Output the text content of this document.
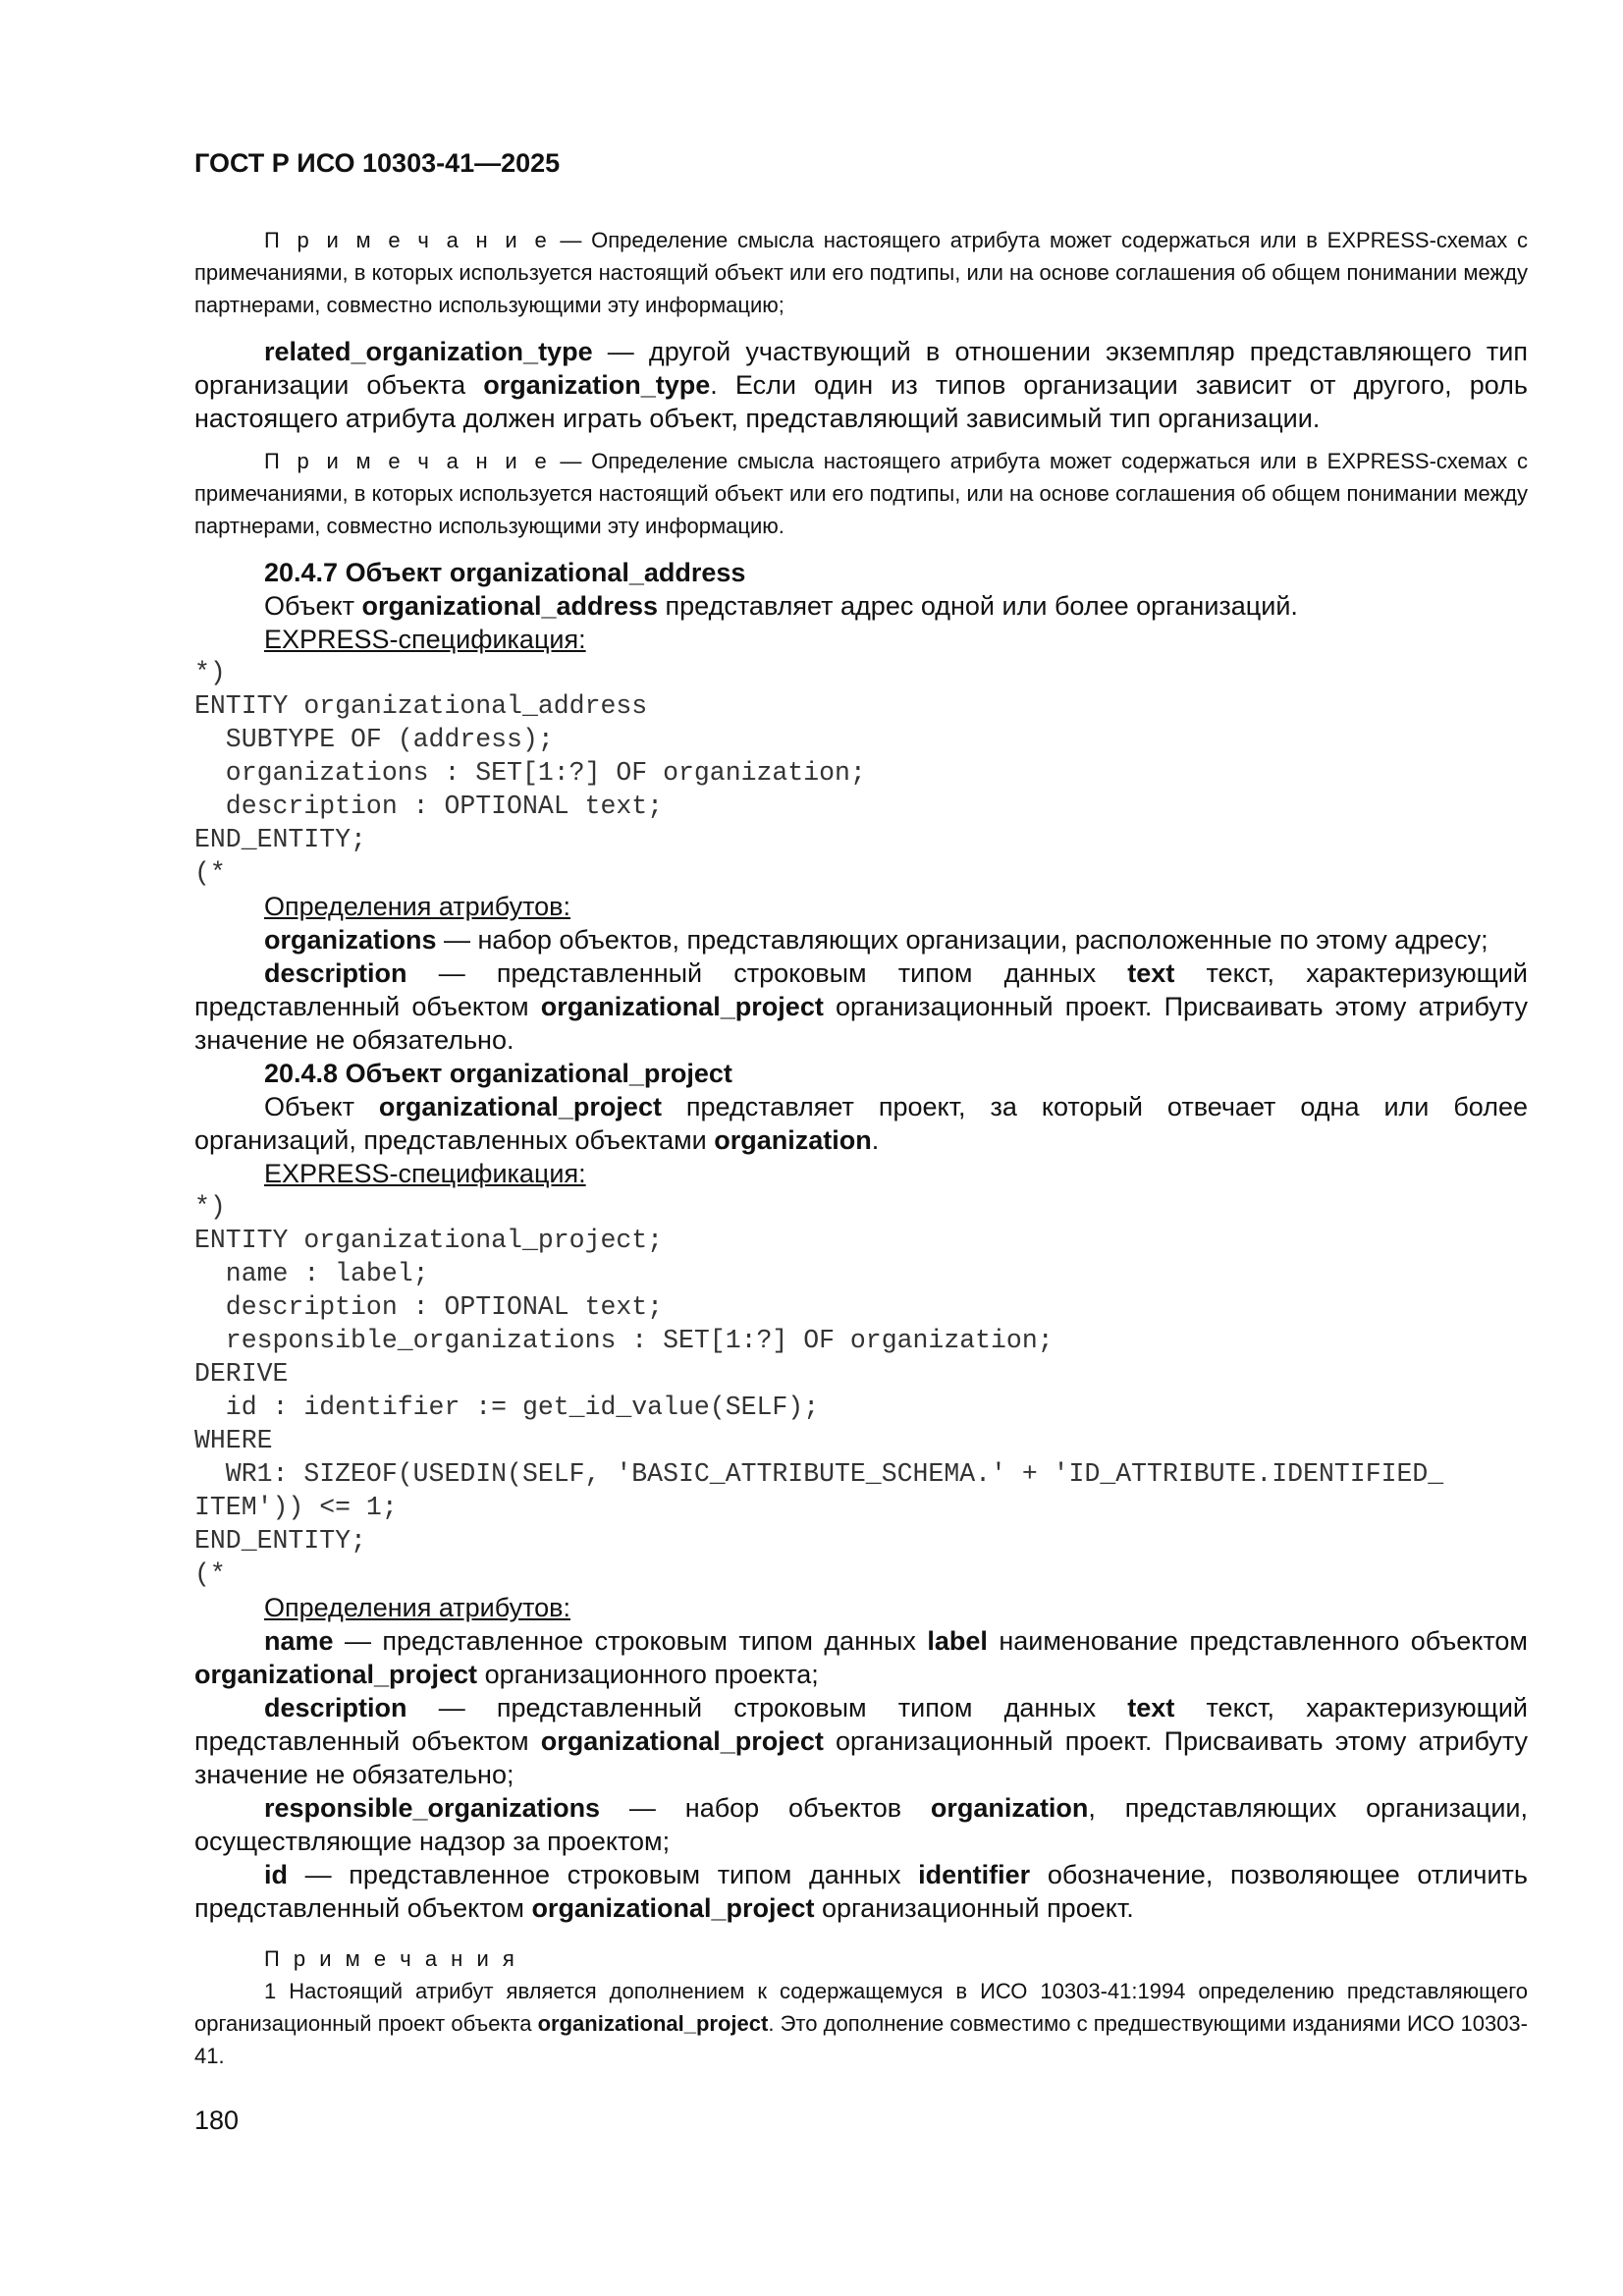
ГОСТ Р ИСО 10303-41—2025

П р и м е ч а н и е — Определение смысла настоящего атрибута может содержаться или в EXPRESS-схемах с примечаниями, в которых используется настоящий объект или его подтипы, или на основе соглашения об общем понимании между партнерами, совместно использующими эту информацию;

related_organization_type — другой участвующий в отношении экземпляр представляющего тип организации объекта organization_type. Если один из типов организации зависит от другого, роль настоящего атрибута должен играть объект, представляющий зависимый тип организации.

П р и м е ч а н и е — Определение смысла настоящего атрибута может содержаться или в EXPRESS-схемах с примечаниями, в которых используется настоящий объект или его подтипы, или на основе соглашения об общем понимании между партнерами, совместно использующими эту информацию.

20.4.7 Объект organizational_address

Объект organizational_address представляет адрес одной или более организаций.

EXPRESS-спецификация:
*)
ENTITY organizational_address
SUBTYPE OF (address);
organizations : SET[1:?] OF organization;
description : OPTIONAL text;
END_ENTITY;
(*
Определения атрибутов:

organizations — набор объектов, представляющих организации, расположенные по этому адресу;

description — представленный строковым типом данных text текст, характеризующий представленный объектом organizational_project организационный проект. Присваивать этому атрибуту значение не обязательно.

20.4.8 Объект organizational_project

Объект organizational_project представляет проект, за который отвечает одна или более организаций, представленных объектами organization.

EXPRESS-спецификация:
*)
ENTITY organizational_project;
name : label;
description : OPTIONAL text;
responsible_organizations : SET[1:?] OF organization;
DERIVE
id : identifier := get_id_value(SELF);
WHERE
WR1: SIZEOF(USEDIN(SELF, 'BASIC_ATTRIBUTE_SCHEMA.' + 'ID_ATTRIBUTE.IDENTIFIED_
ITEM')) <= 1;
END_ENTITY;
(*
Определения атрибутов:

name — представленное строковым типом данных label наименование представленного объектом organizational_project организационного проекта;

description — представленный строковым типом данных text текст, характеризующий представленный объектом organizational_project организационный проект. Присваивать этому атрибуту значение не обязательно;

responsible_organizations — набор объектов organization, представляющих организации, осуществляющие надзор за проектом;

id — представленное строковым типом данных identifier обозначение, позволяющее отличить представленный объектом organizational_project организационный проект.

П р и м е ч а н и я

1 Настоящий атрибут является дополнением к содержащемуся в ИСО 10303-41:1994 определению представляющего организационный проект объекта organizational_project. Это дополнение совместимо с предшествующими изданиями ИСО 10303-41.

180
